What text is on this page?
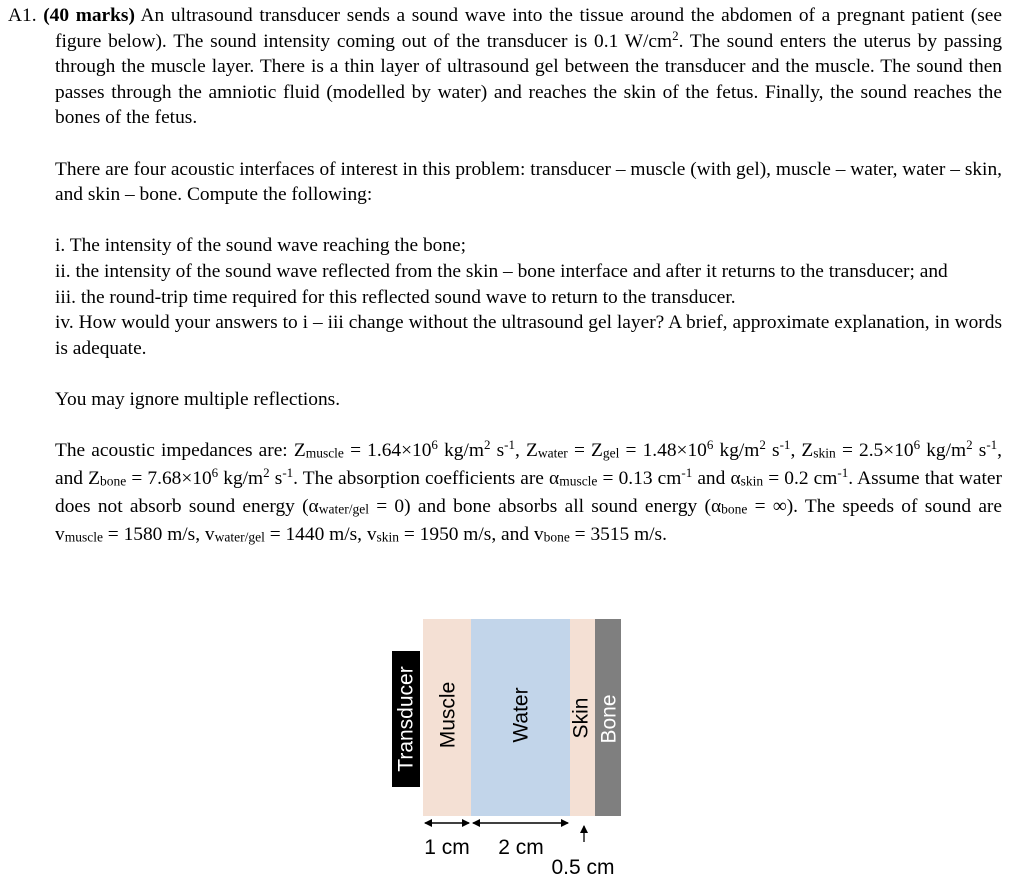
A1. (40 marks) An ultrasound transducer sends a sound wave into the tissue around the abdomen of a pregnant patient (see figure below). The sound intensity coming out of the transducer is 0.1 $W/cm^2$. The sound enters the uterus by passing through the muscle layer. There is a thin layer of ultrasound gel between the transducer and the muscle. The sound then passes through the amniotic fluid (modelled by water) and reaches the skin of the fetus. Finally, the sound reaches the bones of the fetus.

There are four acoustic interfaces of interest in this problem: transducer – muscle (with gel), muscle – water, water – skin, and skin – bone. Compute the following:

i. The intensity of the sound wave reaching the bone;

ii. the intensity of the sound wave reflected from the skin – bone interface and after it returns to the transducer; and

iii. the round-trip time required for this reflected sound wave to return to the transducer.

iv. How would your answers to i – iii change without the ultrasound gel layer? A brief, approximate explanation, in words is adequate.

You may ignore multiple reflections.

The acoustic impedances are: Zmuscle = $1.64\times 10^6$ $kg/m^2$ $s^{-1}$, Zwater = Zgel = $1.48\times 10^6$ $kg/m^2$ $s^{-1}$, Zskin = $2.5\times 10^6$ $kg/m^2$ $s^{-1}$, and Zbone = $7.68\times 10^6$ $kg/m^2$ $s^{-1}$. The absorption coefficients are αmuscle = 0.13 $cm^{-1}$ and αskin = 0.2 $cm^{-1}$. Assume that water does not absorb sound energy (αwater/gel = 0) and bone absorbs all sound energy (αbone = ∞). The speeds of sound are vmuscle = 1580 m/s, vwater/gel = 1440 m/s, vskin = 1950 m/s, and vbone = 3515 m/s.

Transducer Muscle Water Skin Bone
1 cm 2 cm
0.5 cm
